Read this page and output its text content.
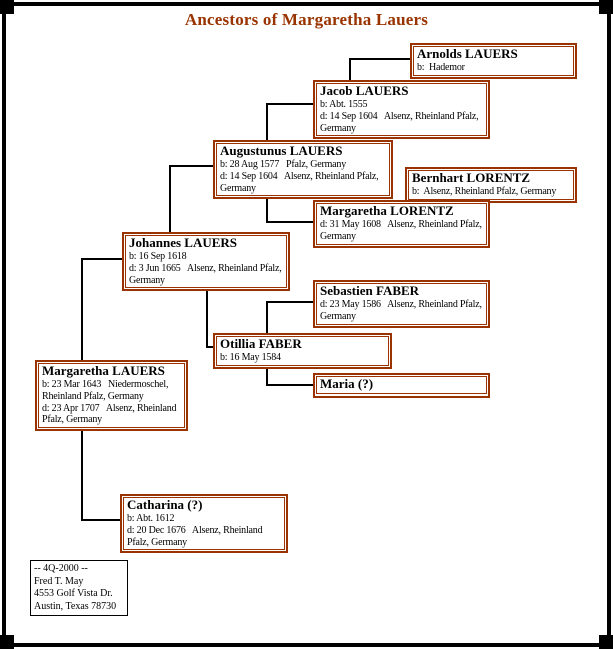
Ancestors of Margaretha Lauers
Arnolds LAUERS
b:  Hademor
Jacob LAUERS
b: Abt. 1555
d: 14 Sep 1604   Alsenz, Rheinland Pfalz, Germany
Augustunus LAUERS
b: 28 Aug 1577   Pfalz, Germany
d: 14 Sep 1604   Alsenz, Rheinland Pfalz, Germany
Bernhart LORENTZ
b:  Alsenz, Rheinland Pfalz, Germany
Margaretha LORENTZ
d: 31 May 1608   Alsenz, Rheinland Pfalz, Germany
Johannes LAUERS
b: 16 Sep 1618
d: 3 Jun 1665   Alsenz, Rheinland Pfalz, Germany
Sebastien FABER
d: 23 May 1586   Alsenz, Rheinland Pfalz, Germany
Otillia FABER
b: 16 May 1584
Maria (?)
Margaretha LAUERS
b: 23 Mar 1643   Niedermoschel, Rheinland Pfalz, Germany
d: 23 Apr 1707   Alsenz, Rheinland Pfalz, Germany
Catharina (?)
b: Abt. 1612
d: 20 Dec 1676   Alsenz, Rheinland Pfalz, Germany
-- 4Q-2000 --
Fred T. May
4553 Golf Vista Dr.
Austin, Texas 78730
